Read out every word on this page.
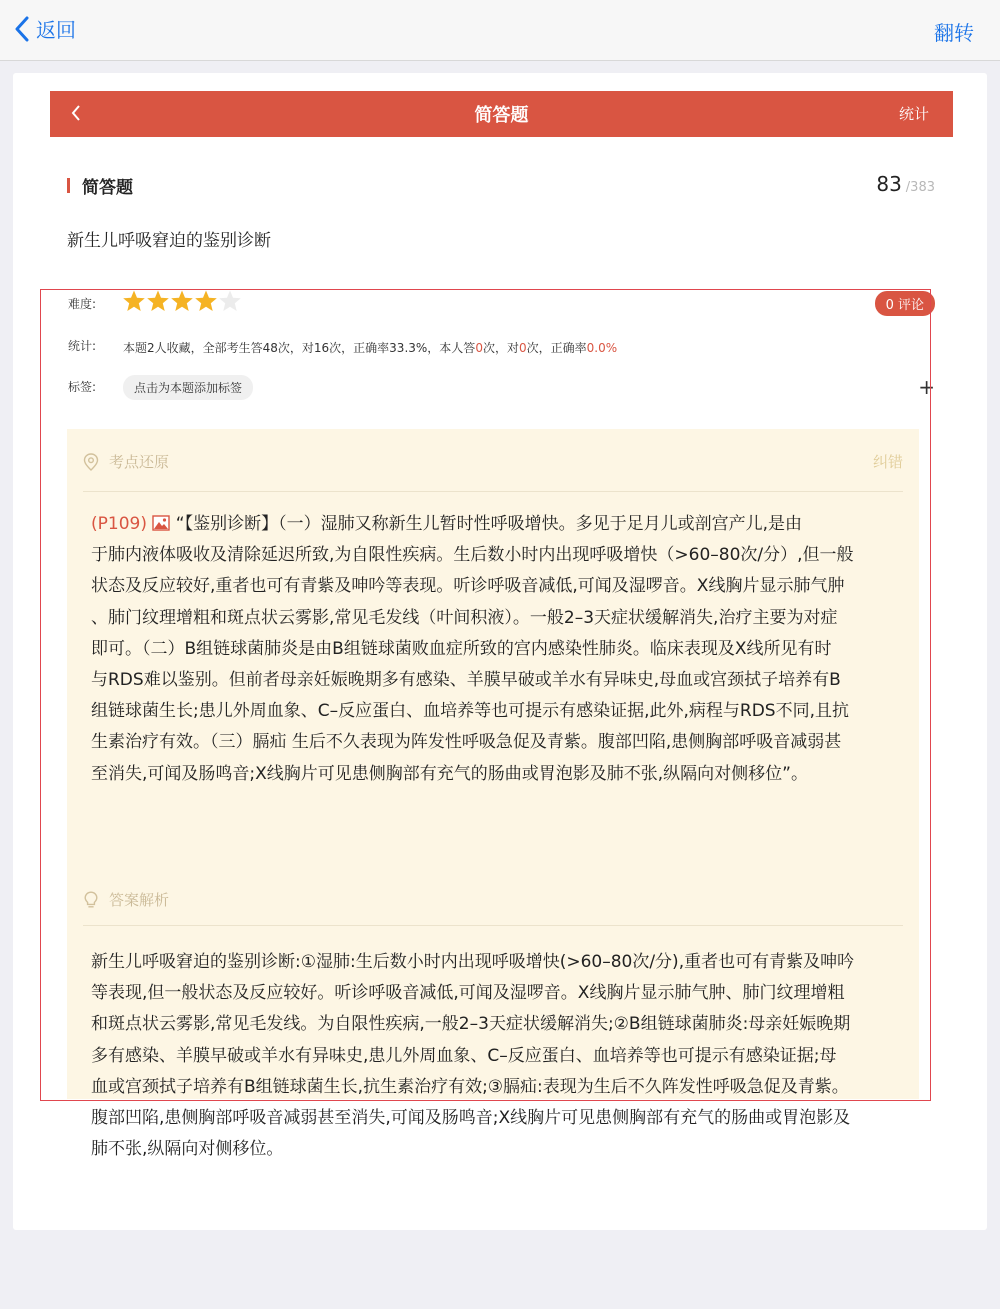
返回	翻转
简答题	统计
简答题	83 /383
新生儿呼吸窘迫的鉴别诊断
难度:	0 评论
统计: 本题2人收藏，全部考生答48次，对16次，正确率33.3%，本人答0次，对0次，正确率0.0%
标签:	点击为本题添加标签	+
考点还原	纠错

(P109) “【鉴别诊断】（一）湿肺又称新生儿暂时性呼吸增快。多见于足月儿或剖宫产儿,是由

于肺内液体吸收及清除延迟所致,为自限性疾病。生后数小时内出现呼吸增快（>60–80次/分）,但一般

状态及反应较好,重者也可有青紫及呻吟等表现。听诊呼吸音减低,可闻及湿啰音。X线胸片显示肺气肿

、肺门纹理增粗和斑点状云雾影,常见毛发线（叶间积液）。一般2–3天症状缓解消失,治疗主要为对症

即可。（二）B组链球菌肺炎是由B组链球菌败血症所致的宫内感染性肺炎。临床表现及X线所见有时

与RDS难以鉴别。但前者母亲妊娠晚期多有感染、羊膜早破或羊水有异味史,母血或宫颈拭子培养有B

组链球菌生长;患儿外周血象、C–反应蛋白、血培养等也可提示有感染证据,此外,病程与RDS不同,且抗

生素治疗有效。（三）膈疝 生后不久表现为阵发性呼吸急促及青紫。腹部凹陷,患侧胸部呼吸音减弱甚

至消失,可闻及肠鸣音;X线胸片可见患侧胸部有充气的肠曲或胃泡影及肺不张,纵隔向对侧移位”。

答案解析

新生儿呼吸窘迫的鉴别诊断:①湿肺:生后数小时内出现呼吸增快(>60–80次/分),重者也可有青紫及呻吟

等表现,但一般状态及反应较好。听诊呼吸音减低,可闻及湿啰音。X线胸片显示肺气肿、肺门纹理增粗

和斑点状云雾影,常见毛发线。为自限性疾病,一般2–3天症状缓解消失;②B组链球菌肺炎:母亲妊娠晚期

多有感染、羊膜早破或羊水有异味史,患儿外周血象、C–反应蛋白、血培养等也可提示有感染证据;母

血或宫颈拭子培养有B组链球菌生长,抗生素治疗有效;③膈疝:表现为生后不久阵发性呼吸急促及青紫。

腹部凹陷,患侧胸部呼吸音减弱甚至消失,可闻及肠鸣音;X线胸片可见患侧胸部有充气的肠曲或胃泡影及

肺不张,纵隔向对侧移位。
